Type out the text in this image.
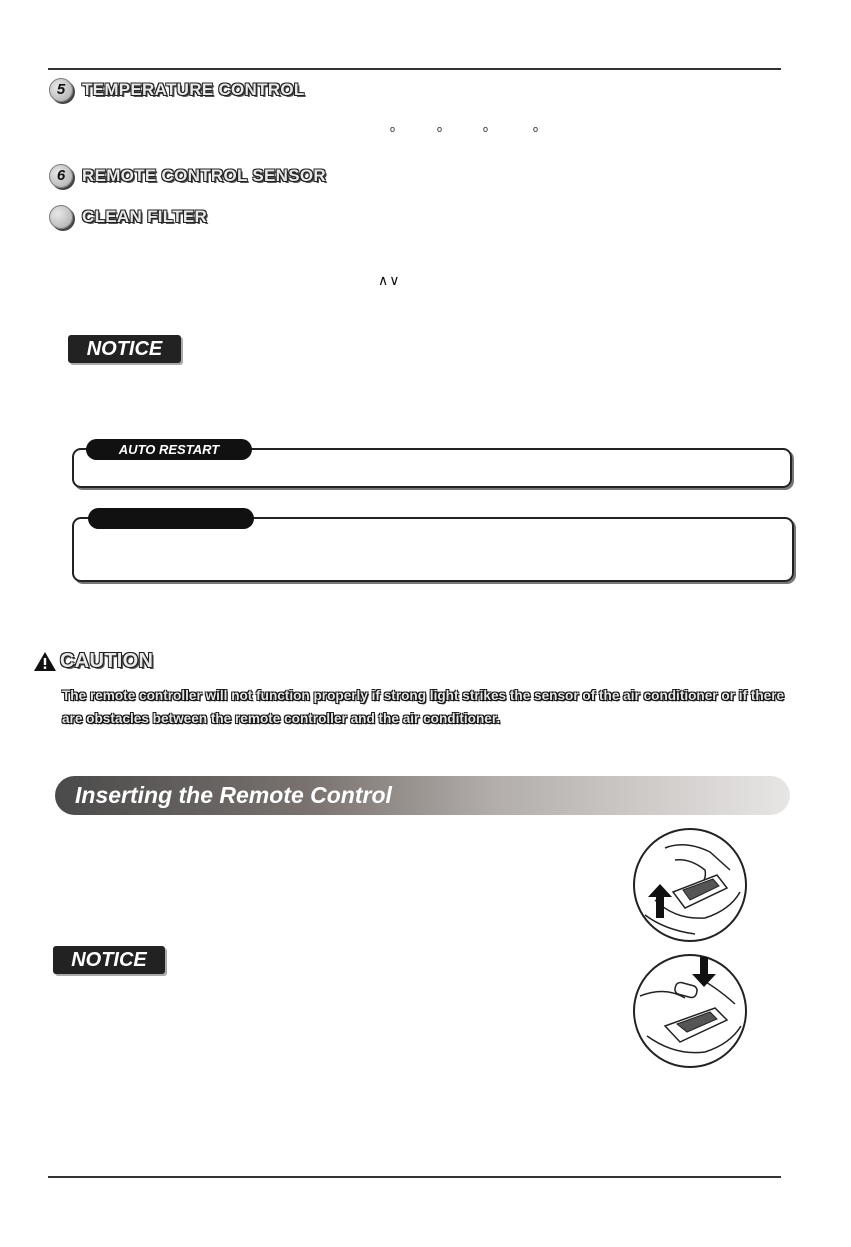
5 TEMPERATURE CONTROL
o	o	o	o
6 REMOTE CONTROL SENSOR
CLEAN FILTER
∧∨
NOTICE
AUTO RESTART
CAUTION
The remote controller will not function properly if strong light strikes the sensor of the air conditioner or if there are obstacles between the remote controller and the air conditioner.
Inserting the Remote Control
NOTICE
